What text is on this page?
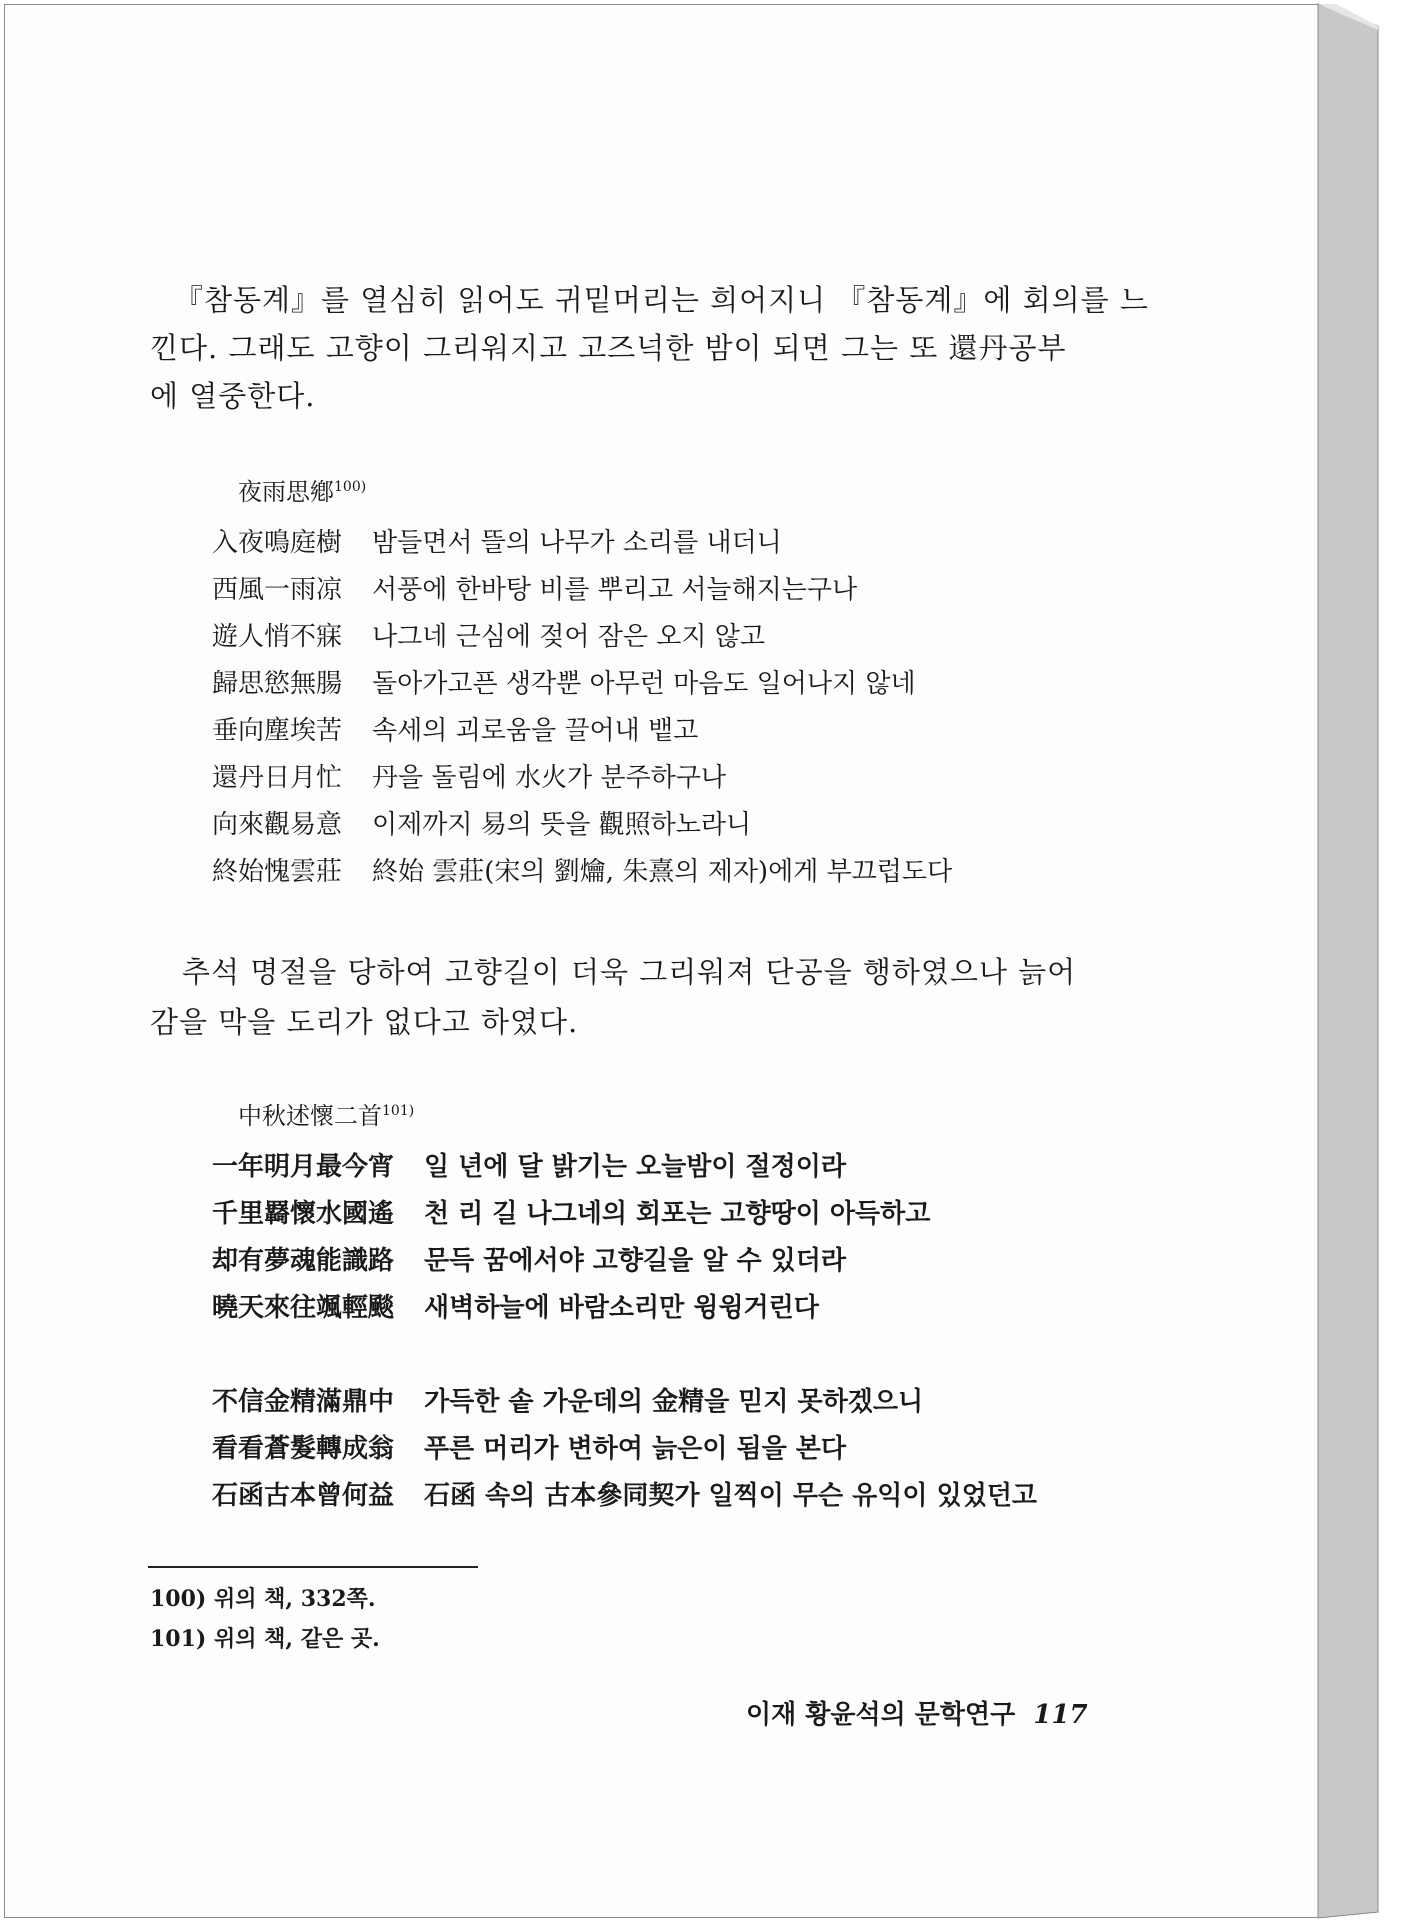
『참동계』를 열심히 읽어도 귀밑머리는 희어지니 『참동계』에 회의를 느
낀다. 그래도 고향이 그리워지고 고즈넉한 밤이 되면 그는 또 還丹공부
에 열중한다.
夜雨思鄕$^{100)}$
入夜鳴庭樹 밤들면서 뜰의 나무가 소리를 내더니
西風一雨凉 서풍에 한바탕 비를 뿌리고 서늘해지는구나
遊人悄不寐 나그네 근심에 젖어 잠은 오지 않고
歸思慾無腸 돌아가고픈 생각뿐 아무런 마음도 일어나지 않네
垂向塵埃苦 속세의 괴로움을 끌어내 뱉고
還丹日月忙 丹을 돌림에 水火가 분주하구나
向來觀易意 이제까지 易의 뜻을 觀照하노라니
終始愧雲莊 終始 雲莊(宋의 劉爚, 朱熹의 제자)에게 부끄럽도다
추석 명절을 당하여 고향길이 더욱 그리워져 단공을 행하였으나 늙어
감을 막을 도리가 없다고 하였다.
中秋述懷二首$^{101)}$
一年明月最今宵 일 년에 달 밝기는 오늘밤이 절정이라
千里羇懷水國遙 천 리 길 나그네의 회포는 고향땅이 아득하고
却有夢魂能識路 문득 꿈에서야 고향길을 알 수 있더라
曉天來往颯輕颷 새벽하늘에 바람소리만 윙윙거린다
不信金精滿鼎中 가득한 솥 가운데의 金精을 믿지 못하겠으니
看看蒼髮轉成翁 푸른 머리가 변하여 늙은이 됨을 본다
石函古本曾何益 石函 속의 古本參同契가 일찍이 무슨 유익이 있었던고
100) 위의 책, 332쪽.
101) 위의 책, 같은 곳.
이재 황윤석의 문학연구 117
